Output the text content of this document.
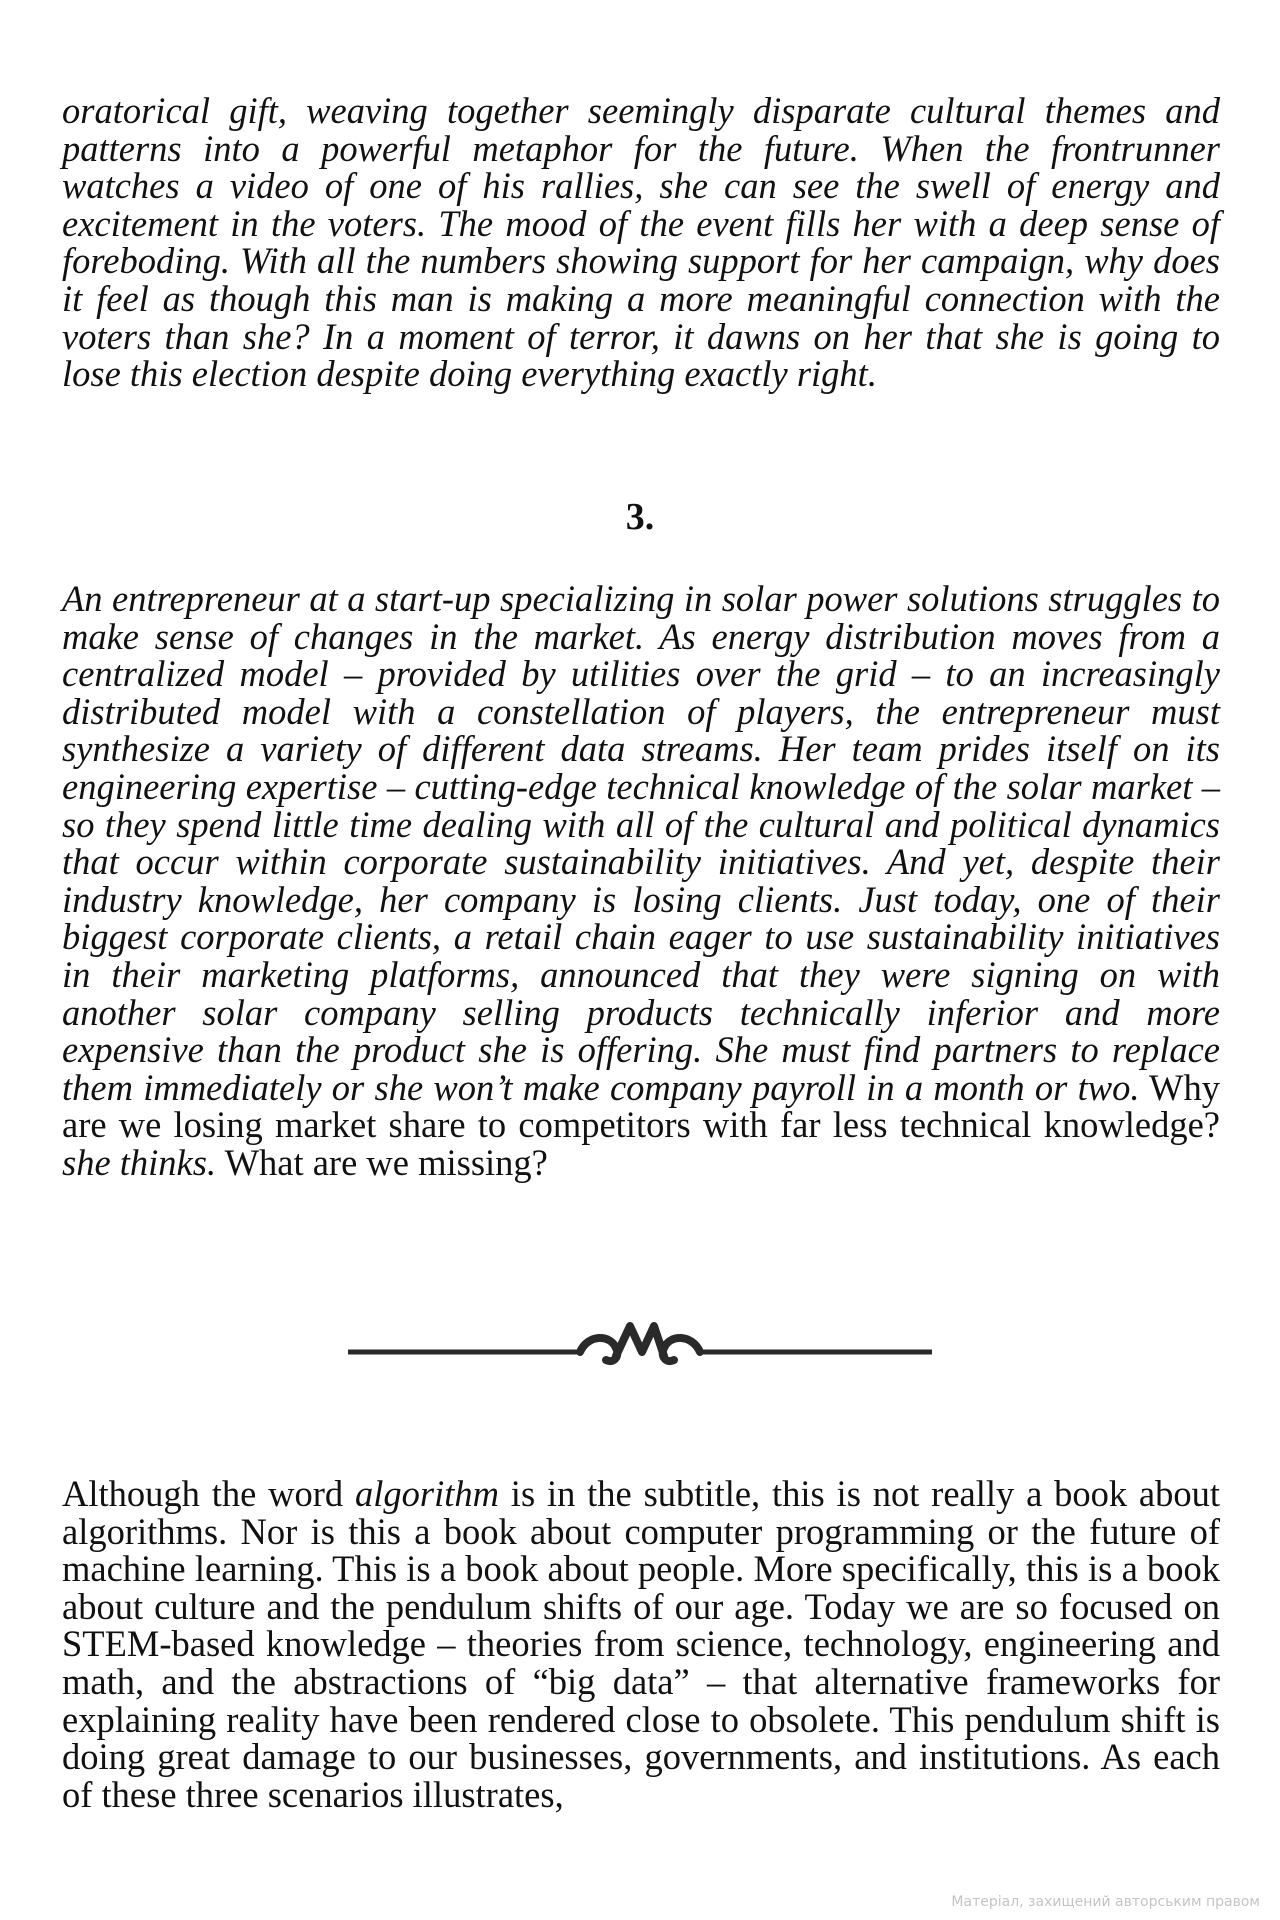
oratorical gift, weaving together seemingly disparate cultural themes and patterns into a powerful metaphor for the future. When the frontrunner watches a video of one of his rallies, she can see the swell of energy and excitement in the voters. The mood of the event fills her with a deep sense of foreboding. With all the numbers showing support for her campaign, why does it feel as though this man is making a more meaningful connection with the voters than she? In a moment of terror, it dawns on her that she is going to lose this election despite doing everything exactly right.

3.

An entrepreneur at a start-up specializing in solar power solutions struggles to make sense of changes in the market. As energy distribution moves from a centralized model – provided by utilities over the grid – to an increasingly distributed model with a constellation of players, the entrepreneur must synthesize a variety of different data streams. Her team prides itself on its engineering expertise – cutting-edge technical knowledge of the solar market – so they spend little time dealing with all of the cultural and political dynamics that occur within corporate sustainability initiatives. And yet, despite their industry knowledge, her company is losing clients. Just today, one of their biggest corporate clients, a retail chain eager to use sustainability initiatives in their marketing platforms, announced that they were signing on with another solar company selling products technically inferior and more expensive than the product she is offering. She must find partners to replace them immediately or she won’t make company payroll in a month or two. Why are we losing market share to competitors with far less technical knowledge? she thinks. What are we missing?
Although the word algorithm is in the subtitle, this is not really a book about algorithms. Nor is this a book about computer programming or the future of machine learning. This is a book about people. More specifically, this is a book about culture and the pendulum shifts of our age. Today we are so focused on STEM-based knowledge – theories from science, technology, engineering and math, and the abstractions of “big data” – that alternative frameworks for explaining reality have been rendered close to obsolete. This pendulum shift is doing great damage to our businesses, governments, and institutions. As each of these three scenarios illustrates,

Матеріал, захищений авторським правом
